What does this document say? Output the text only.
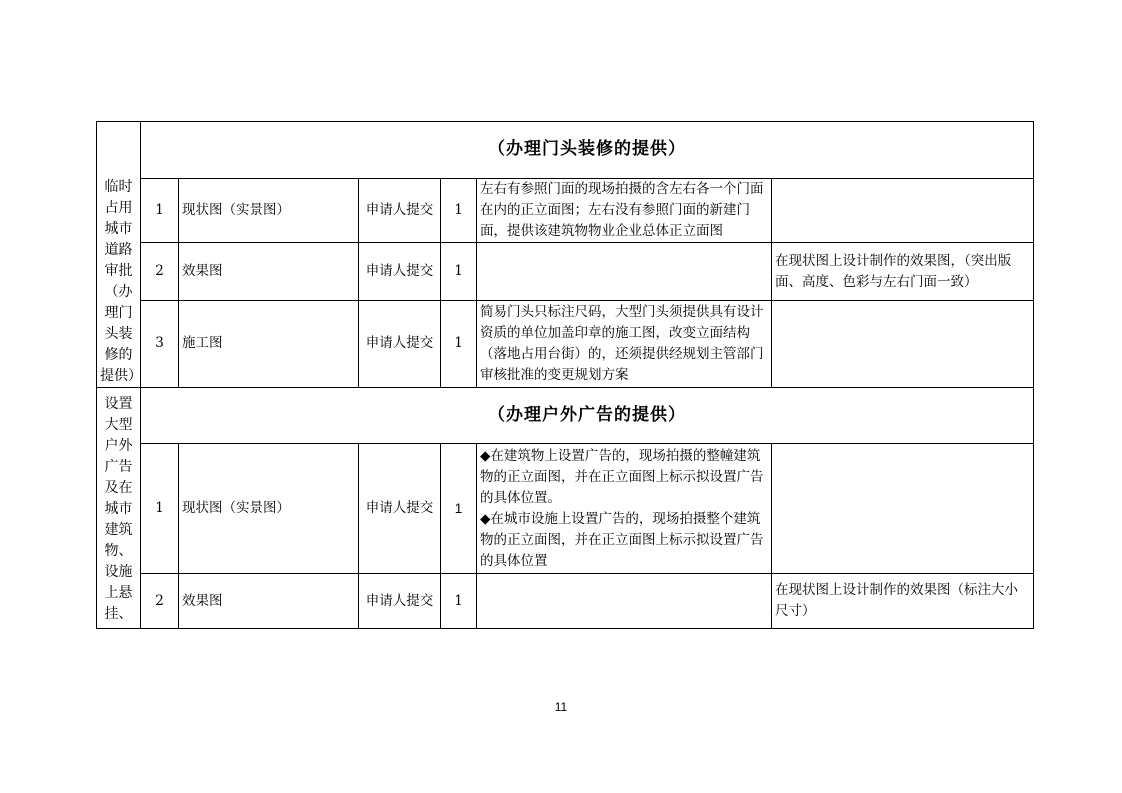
临时占用城市道路审批（办理门头装修的提供）	（办理门头装修的提供）					
	1	现状图（实景图）	申请人提交	1	左右有参照门面的现场拍摄的含左右各一个门面在内的正立面图；左右没有参照门面的新建门面，提供该建筑物物业企业总体正立面图	
	2	效果图	申请人提交	1		在现状图上设计制作的效果图，（突出版面、高度、色彩与左右门面一致）
	3	施工图	申请人提交	1	简易门头只标注尺码，大型门头须提供具有设计资质的单位加盖印章的施工图，改变立面结构（落地占用台街）的，还须提供经规划主管部门审核批准的变更规划方案	
设置大型户外广告及在城市建筑物、设施上悬挂、	（办理户外广告的提供）					
	1	现状图（实景图）	申请人提交	1	◆在建筑物上设置广告的，现场拍摄的整幢建筑物的正立面图，并在正立面图上标示拟设置广告的具体位置。
◆在城市设施上设置广告的，现场拍摄整个建筑物的正立面图，并在正立面图上标示拟设置广告的具体位置	

	2	效果图	申请人提交	1		在现状图上设计制作的效果图（标注大小尺寸）
11
